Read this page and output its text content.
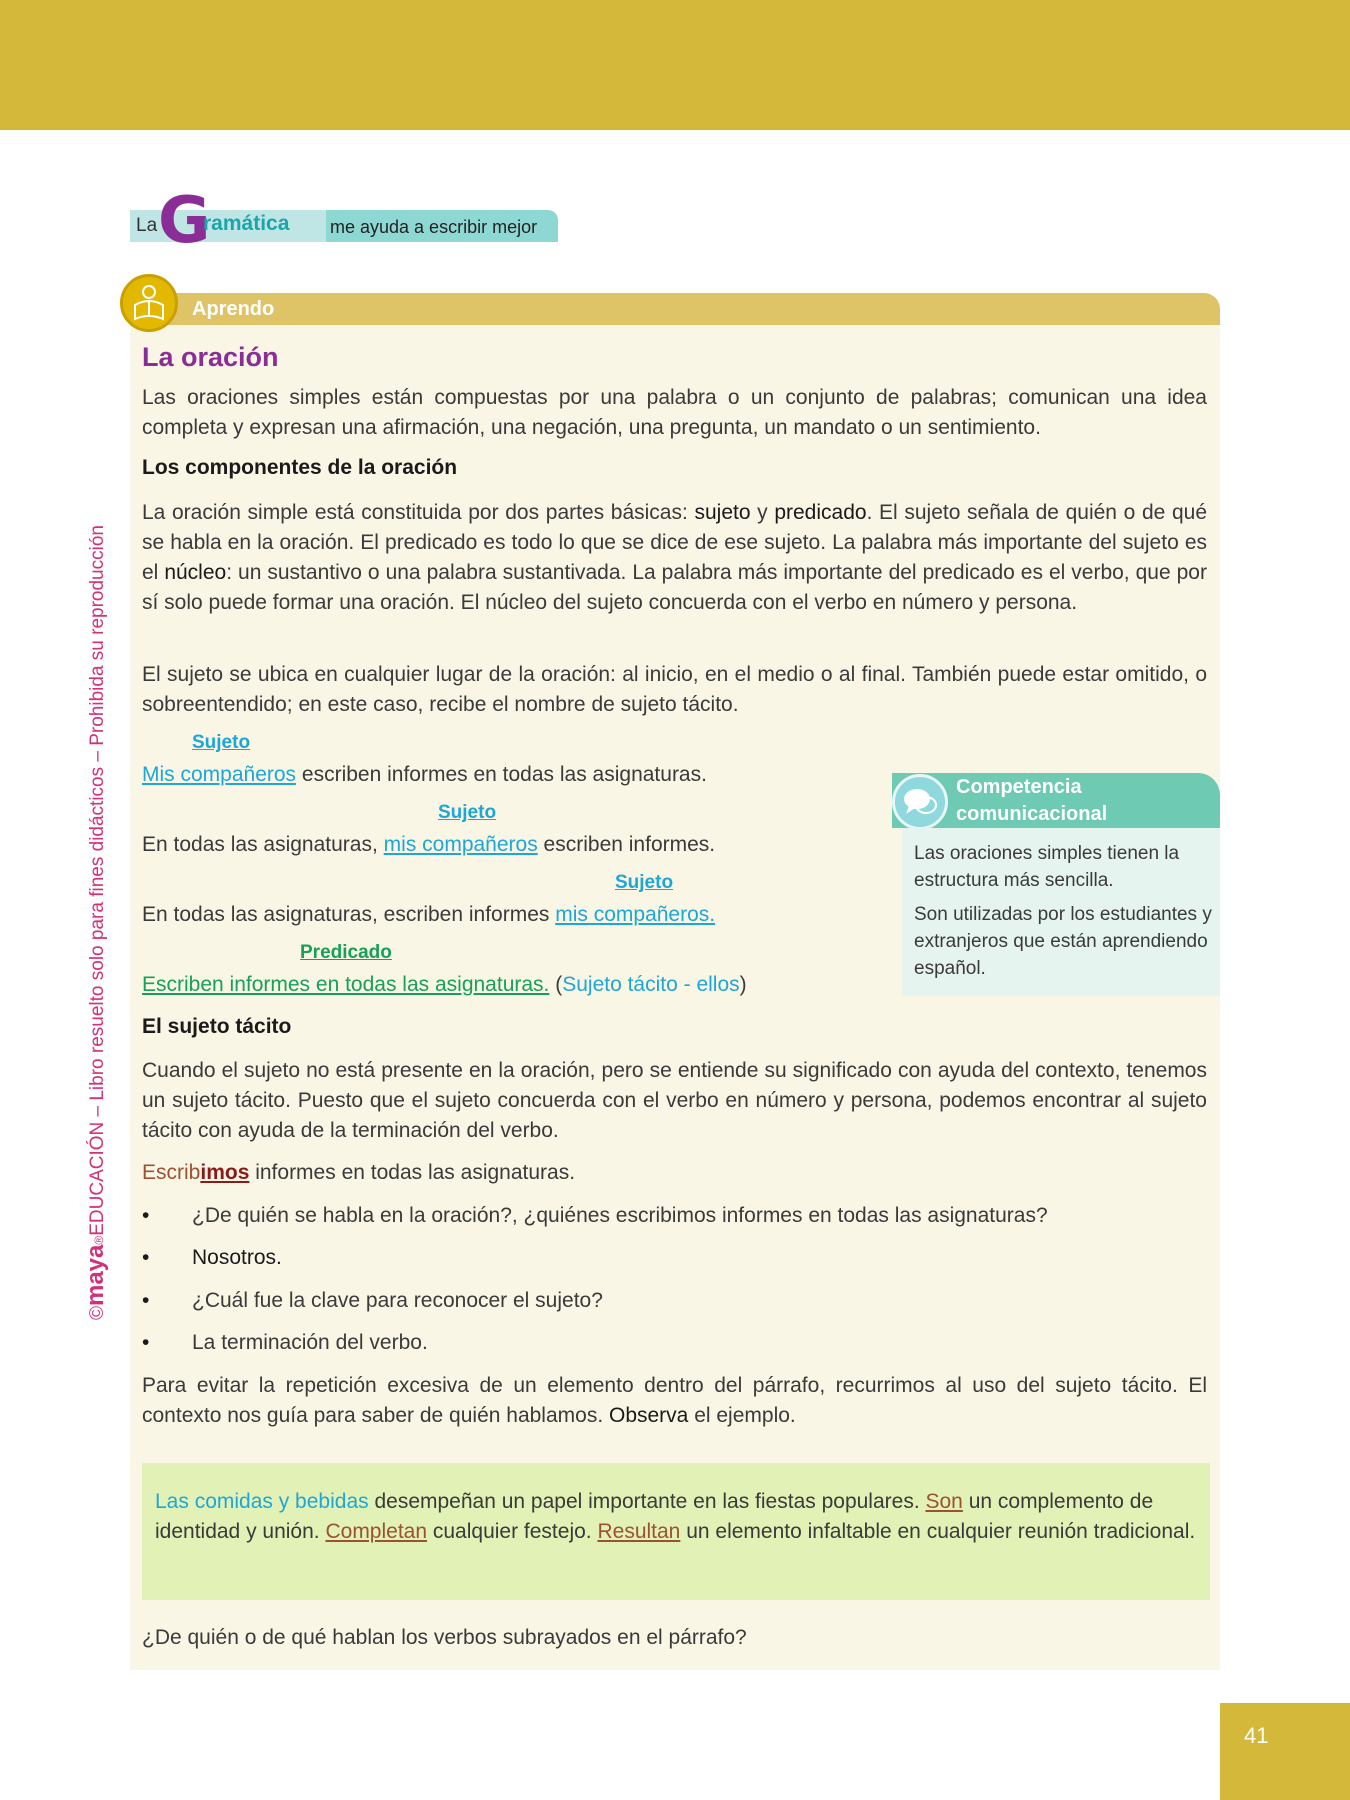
©maya®EDUCACIÓN – Libro resuelto solo para fines didácticos – Prohibida su reproducción
La G
ramática me ayuda a escribir mejor
Aprendo
La oración
Las oraciones simples están compuestas por una palabra o un conjunto de palabras; comunican una idea completa y expresan una afirmación, una negación, una pregunta, un mandato o un sentimiento.
Los componentes de la oración
La oración simple está constituida por dos partes básicas: sujeto y predicado. El sujeto señala de quién o de qué se habla en la oración. El predicado es todo lo que se dice de ese sujeto. La palabra más importante del sujeto es el núcleo: un sustantivo o una palabra sustantivada. La palabra más importante del predicado es el verbo, que por sí solo puede formar una oración. El núcleo del sujeto concuerda con el verbo en número y persona.
El sujeto se ubica en cualquier lugar de la oración: al inicio, en el medio o al final. También puede estar omitido, o sobreentendido; en este caso, recibe el nombre de sujeto tácito.
Sujeto
Mis compañeros escriben informes en todas las asignaturas.
Sujeto
En todas las asignaturas, mis compañeros escriben informes.
Sujeto
En todas las asignaturas, escriben informes mis compañeros.
Predicado
Escriben informes en todas las asignaturas. (Sujeto tácito - ellos)
Competencia
comunicacional
Las oraciones simples tienen la estructura más sencilla.
Son utilizadas por los estudiantes y extranjeros que están aprendiendo español.
El sujeto tácito
Cuando el sujeto no está presente en la oración, pero se entiende su significado con ayuda del contexto, tenemos un sujeto tácito. Puesto que el sujeto concuerda con el verbo en número y persona, podemos encontrar al sujeto tácito con ayuda de la terminación del verbo.
Escribimos informes en todas las asignaturas.
• ¿De quién se habla en la oración?, ¿quiénes escribimos informes en todas las asignaturas?
• Nosotros.
• ¿Cuál fue la clave para reconocer el sujeto?
• La terminación del verbo.
Para evitar la repetición excesiva de un elemento dentro del párrafo, recurrimos al uso del sujeto tácito. El contexto nos guía para saber de quién hablamos. Observa el ejemplo.
Las comidas y bebidas desempeñan un papel importante en las fiestas populares. Son un complemento de identidad y unión. Completan cualquier festejo. Resultan un elemento infaltable en cualquier reunión tradicional.
¿De quién o de qué hablan los verbos subrayados en el párrafo?
41
